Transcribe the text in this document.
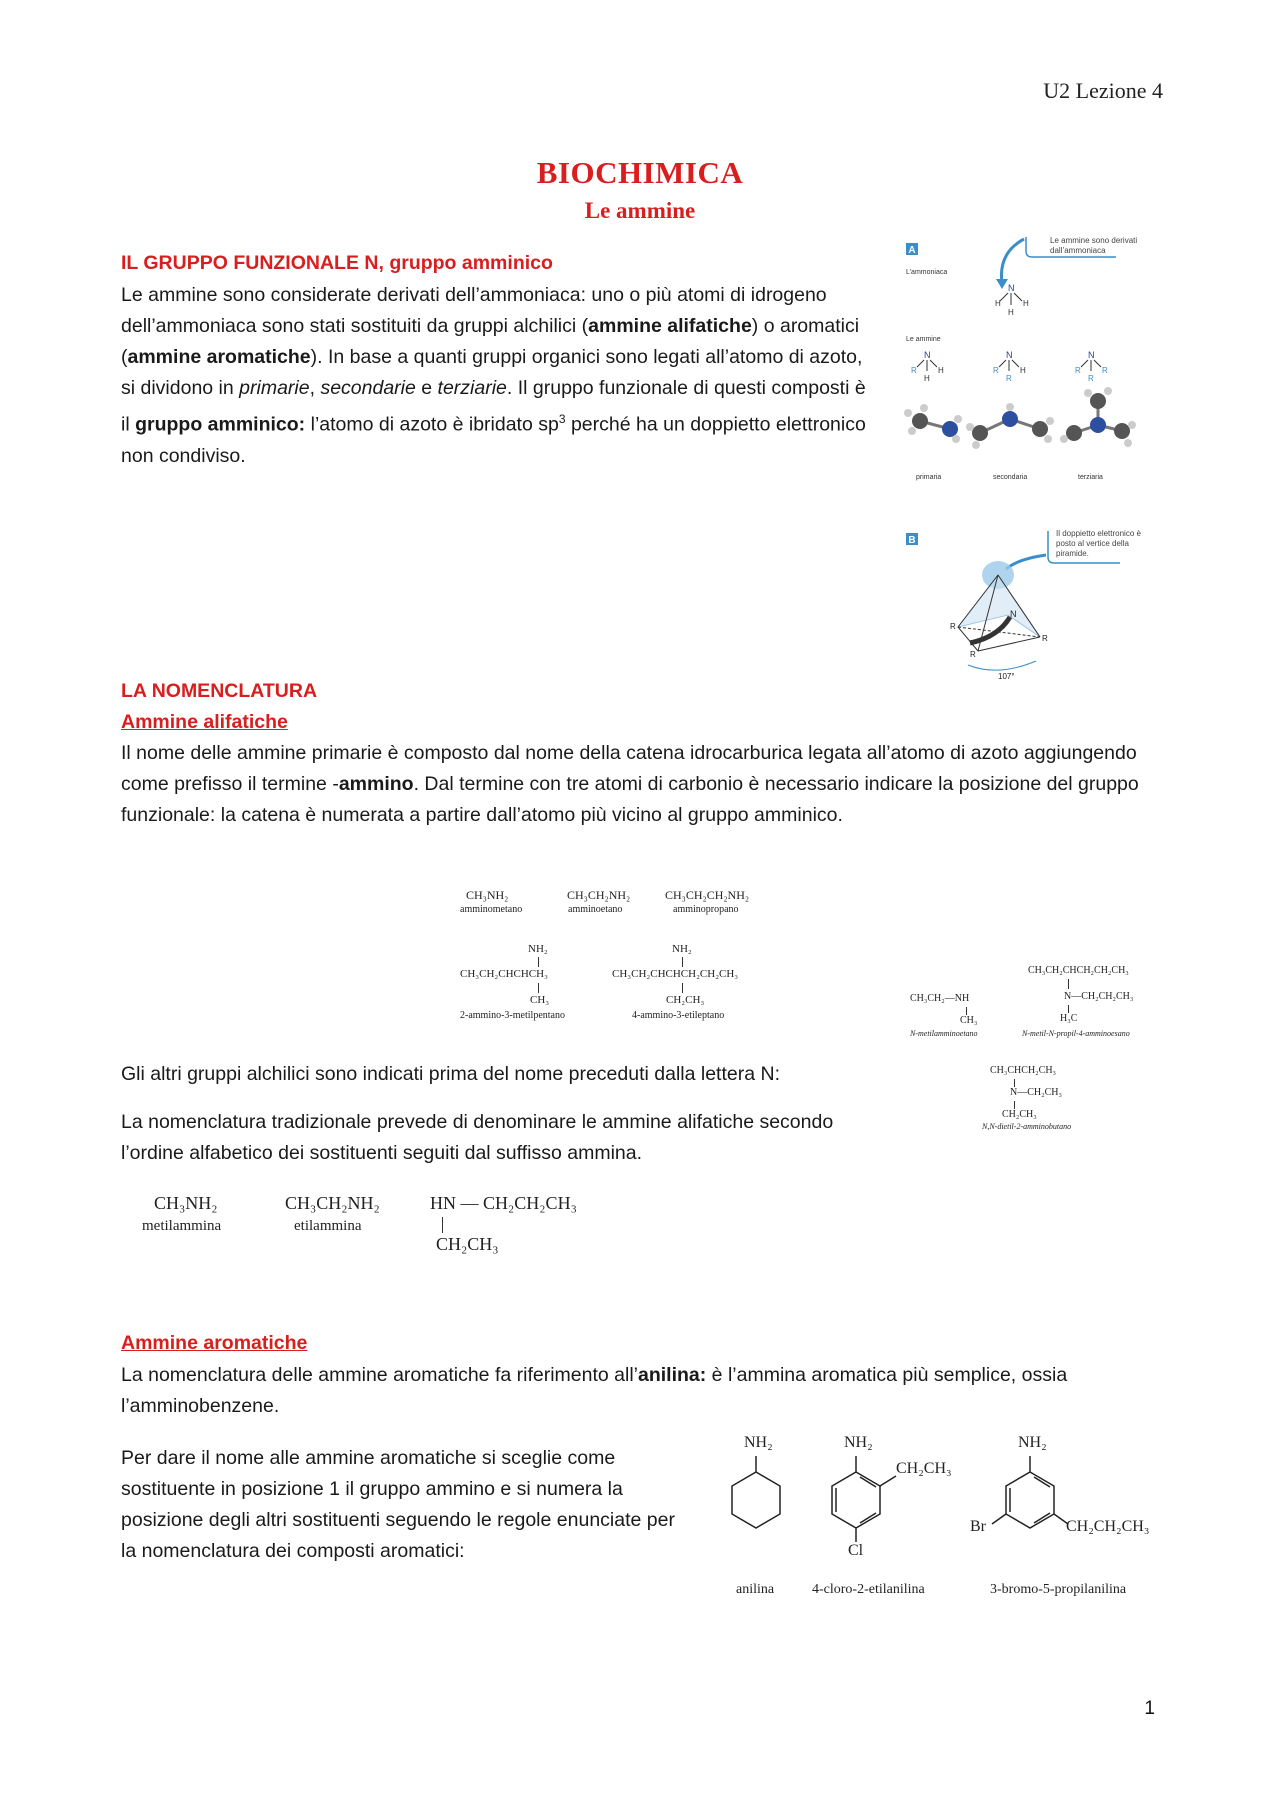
U2 Lezione 4
BIOCHIMICA
Le ammine
IL GRUPPO FUNZIONALE N, gruppo amminico
Le ammine sono considerate derivati dell’ammoniaca: uno o più atomi di idrogeno dell’ammoniaca sono stati sostituiti da gruppi alchilici (ammine alifatiche) o aromatici (ammine aromatiche). In base a quanti gruppi organici sono legati all’atomo di azoto, si dividono in primarie, secondarie e terziarie. Il gruppo funzionale di questi composti è il gruppo amminico: l’atomo di azoto è ibridato $sp^3$ perché ha un doppietto elettronico non condiviso.
A
L’ammoniaca
N
H	H
H
Le ammine
N
R	H
H
N
R	H
R
N
R	R
R
primaria	secondaria	terziaria
Le ammine sono derivati dall’ammoniaca
B
N
R
R
R
107°
Il doppietto elettronico è posto al vertice della piramide.
LA NOMENCLATURA
Ammine alifatiche
Il nome delle ammine primarie è composto dal nome della catena idrocarburica legata all’atomo di azoto aggiungendo come prefisso il termine -ammino. Dal termine con tre atomi di carbonio è necessario indicare la posizione del gruppo funzionale: la catena è numerata a partire dall’atomo più vicino al gruppo amminico.
CH₃NH₂
amminometano
CH₃CH₂NH₂
amminoetano
CH₃CH₂CH₂NH₂
amminopropano
NH₂
CH₃CH₂CHCHCH₃
CH₃
2-ammino-3-metilpentano
NH₂
CH₃CH₂CHCHCH₂CH₂CH₃
CH₂CH₃
4-ammino-3-etileptano
CH₃CH₂—NH
CH₃
N-metilamminoetano
CH₃CH₂CHCH₂CH₂CH₃
N—CH₂CH₂CH₃
H₃C
N-metil-N-propil-4-amminoesano
CH₃CHCH₂CH₃
N—CH₂CH₃
CH₂CH₃
N,N-dietil-2-amminobutano
Gli altri gruppi alchilici sono indicati prima del nome preceduti dalla lettera N:
La nomenclatura tradizionale prevede di denominare le ammine alifatiche secondo l’ordine alfabetico dei sostituenti seguiti dal suffisso ammina.
CH₃NH₂
metilammina
CH₃CH₂NH₂
etilammina
HN — CH₂CH₂CH₃
CH₂CH₃
Ammine aromatiche
La nomenclatura delle ammine aromatiche fa riferimento all’anilina: è l’ammina aromatica più semplice, ossia l’amminobenzene.
Per dare il nome alle ammine aromatiche si sceglie come sostituente in posizione 1 il gruppo ammino e si numera la posizione degli altri sostituenti seguendo le regole enunciate per la nomenclatura dei composti aromatici:
NH₂
anilina
NH₂
CH₂CH₃
Cl
4-cloro-2-etilanilina
NH₂
Br	CH₂CH₂CH₃
3-bromo-5-propilanilina
1
